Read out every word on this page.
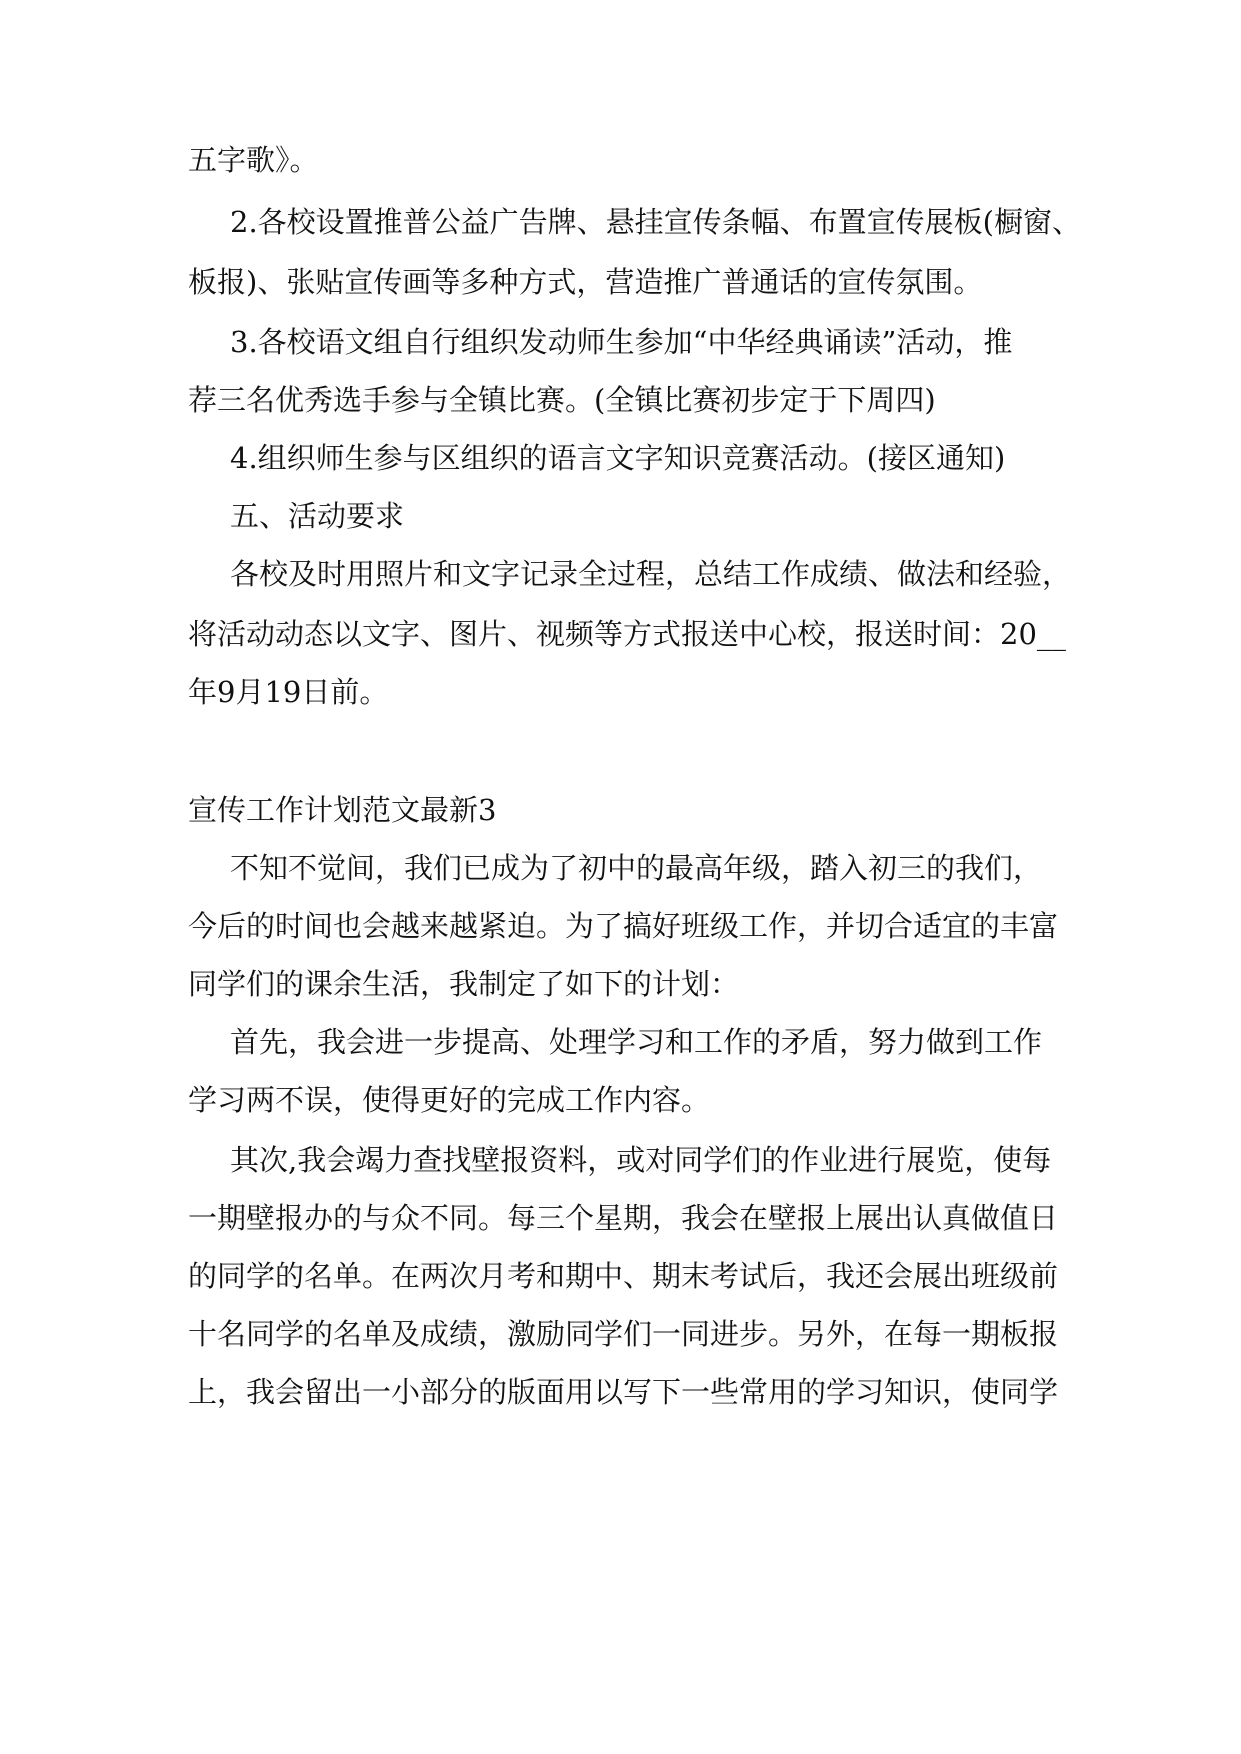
五字歌》。
2.各校设置推普公益广告牌、悬挂宣传条幅、布置宣传展板(橱窗、
板报)、张贴宣传画等多种方式，营造推广普通话的宣传氛围。
3.各校语文组自行组织发动师生参加“中华经典诵读”活动，推
荐三名优秀选手参与全镇比赛。(全镇比赛初步定于下周四)
4.组织师生参与区组织的语言文字知识竞赛活动。(接区通知)
五、活动要求
各校及时用照片和文字记录全过程，总结工作成绩、做法和经验，
将活动动态以文字、图片、视频等方式报送中心校，报送时间：20__
年9月19日前。
宣传工作计划范文最新3
不知不觉间，我们已成为了初中的最高年级，踏入初三的我们，
今后的时间也会越来越紧迫。为了搞好班级工作，并切合适宜的丰富
同学们的课余生活，我制定了如下的计划：
首先，我会进一步提高、处理学习和工作的矛盾，努力做到工作
学习两不误，使得更好的完成工作内容。
其次,我会竭力查找壁报资料，或对同学们的作业进行展览，使每
一期壁报办的与众不同。每三个星期，我会在壁报上展出认真做值日
的同学的名单。在两次月考和期中、期末考试后，我还会展出班级前
十名同学的名单及成绩，激励同学们一同进步。另外，在每一期板报
上，我会留出一小部分的版面用以写下一些常用的学习知识，使同学
